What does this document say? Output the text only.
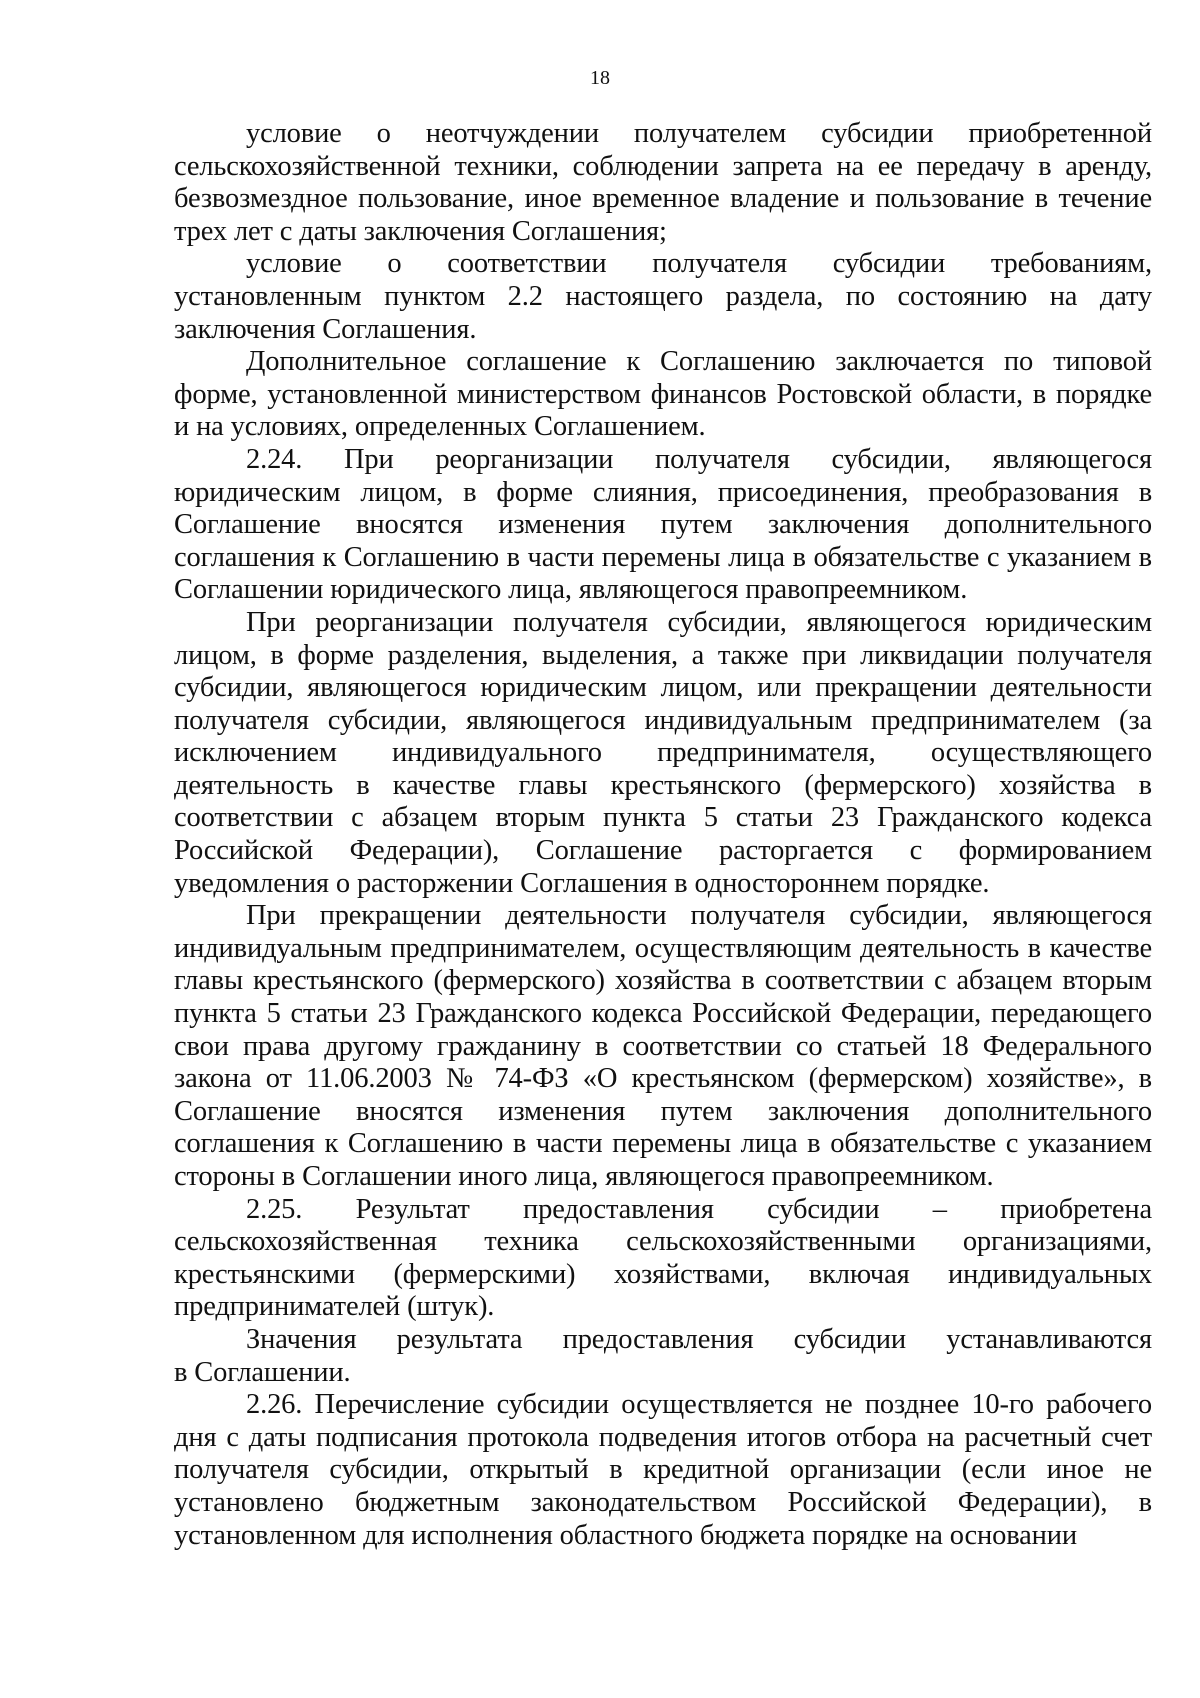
18

условие о неотчуждении получателем субсидии приобретенной
сельскохозяйственной техники, соблюдении запрета на ее передачу в аренду, безвозмездное пользование, иное временное владение и пользование в течение трех лет с даты заключения Соглашения;

условие о соответствии получателя субсидии требованиям,
установленным пунктом 2.2 настоящего раздела, по состоянию на дату заключения Соглашения.

Дополнительное соглашение к Соглашению заключается по типовой
форме, установленной министерством финансов Ростовской области, в порядке и на условиях, определенных Соглашением.

2.24. При реорганизации получателя субсидии, являющегося
юридическим лицом, в форме слияния, присоединения, преобразования в Соглашение вносятся изменения путем заключения дополнительного соглашения к Соглашению в части перемены лица в обязательстве с указанием в Соглашении юридического лица, являющегося правопреемником.

При реорганизации получателя субсидии, являющегося юридическим
лицом, в форме разделения, выделения, а также при ликвидации получателя субсидии, являющегося юридическим лицом, или прекращении деятельности получателя субсидии, являющегося индивидуальным предпринимателем (за исключением индивидуального предпринимателя, осуществляющего деятельность в качестве главы крестьянского (фермерского) хозяйства в соответствии с абзацем вторым пункта 5 статьи 23 Гражданского кодекса Российской Федерации), Соглашение расторгается с формированием уведомления о расторжении Соглашения в одностороннем порядке.

При прекращении деятельности получателя субсидии, являющегося
индивидуальным предпринимателем, осуществляющим деятельность в качестве главы крестьянского (фермерского) хозяйства в соответствии с абзацем вторым пункта 5 статьи 23 Гражданского кодекса Российской Федерации, передающего свои права другому гражданину в соответствии со статьей 18 Федерального закона от 11.06.2003 № 74-ФЗ «О крестьянском (фермерском) хозяйстве», в Соглашение вносятся изменения путем заключения дополнительного соглашения к Соглашению в части перемены лица в обязательстве с указанием стороны в Соглашении иного лица, являющегося правопреемником.

2.25. Результат предоставления субсидии – приобретена
сельскохозяйственная техника сельскохозяйственными организациями, крестьянскими (фермерскими) хозяйствами, включая индивидуальных предпринимателей (штук).

Значения результата предоставления субсидии устанавливаются
в Соглашении.

2.26. Перечисление субсидии осуществляется не позднее 10-го рабочего
дня с даты подписания протокола подведения итогов отбора на расчетный счет получателя субсидии, открытый в кредитной организации (если иное не установлено бюджетным законодательством Российской Федерации), в установленном для исполнения областного бюджета порядке на основании
